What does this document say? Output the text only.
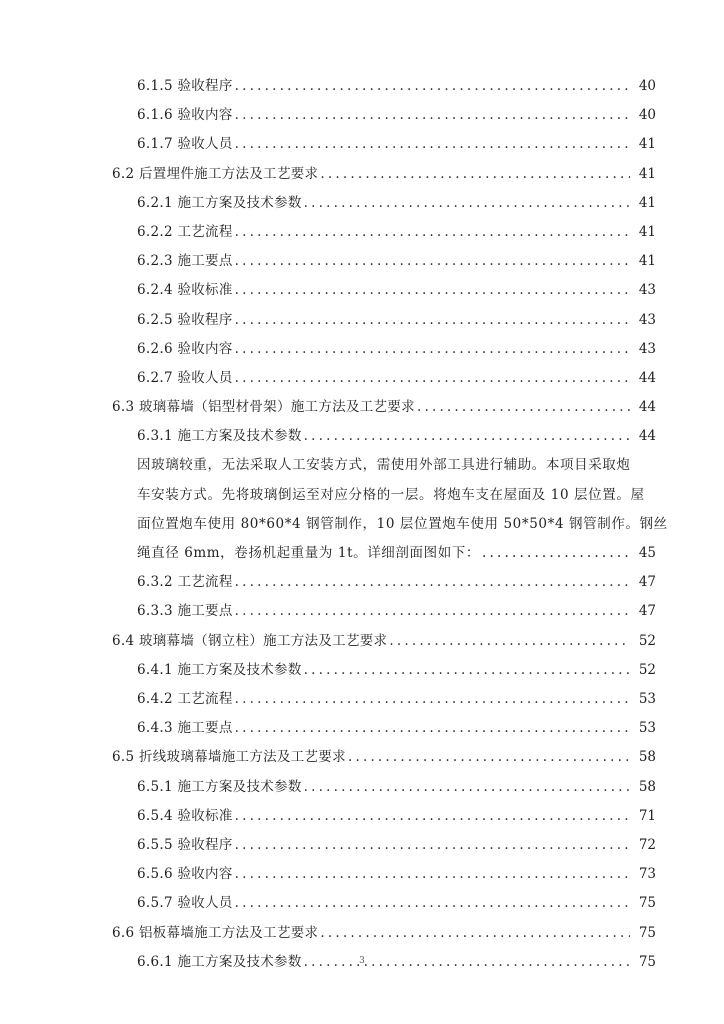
6.1.5 验收程序 .....	40
6.1.6 验收内容 .....	40
6.1.7 验收人员 .....	41
6.2 后置埋件施工方法及工艺要求 .....	41
6.2.1 施工方案及技术参数 .....	41
6.2.2 工艺流程 .....	41
6.2.3 施工要点 .....	41
6.2.4 验收标准 .....	43
6.2.5 验收程序 .....	43
6.2.6 验收内容 .....	43
6.2.7 验收人员 .....	44
6.3 玻璃幕墙（铝型材骨架）施工方法及工艺要求 .....	44
6.3.1 施工方案及技术参数 .....	44
因玻璃较重，无法采取人工安装方式，需使用外部工具进行辅助。本项目采取炮
车安装方式。先将玻璃倒运至对应分格的一层。将炮车支在屋面及 10 层位置。屋
面位置炮车使用 80*60*4 钢管制作，10 层位置炮车使用 50*50*4 钢管制作。钢丝
绳直径 6mm，卷扬机起重量为 1t。详细剖面图如下： .....	45
6.3.2 工艺流程 .....	47
6.3.3 施工要点 .....	47
6.4 玻璃幕墙（钢立柱）施工方法及工艺要求 .....	52
6.4.1 施工方案及技术参数 .....	52
6.4.2 工艺流程 .....	53
6.4.3 施工要点 .....	53
6.5 折线玻璃幕墙施工方法及工艺要求 .....	58
6.5.1 施工方案及技术参数 .....	58
6.5.4 验收标准 .....	71
6.5.5 验收程序 .....	72
6.5.6 验收内容 .....	73
6.5.7 验收人员 .....	75
6.6 铝板幕墙施工方法及工艺要求 .....	75
6.6.1 施工方案及技术参数 .....	75
3
